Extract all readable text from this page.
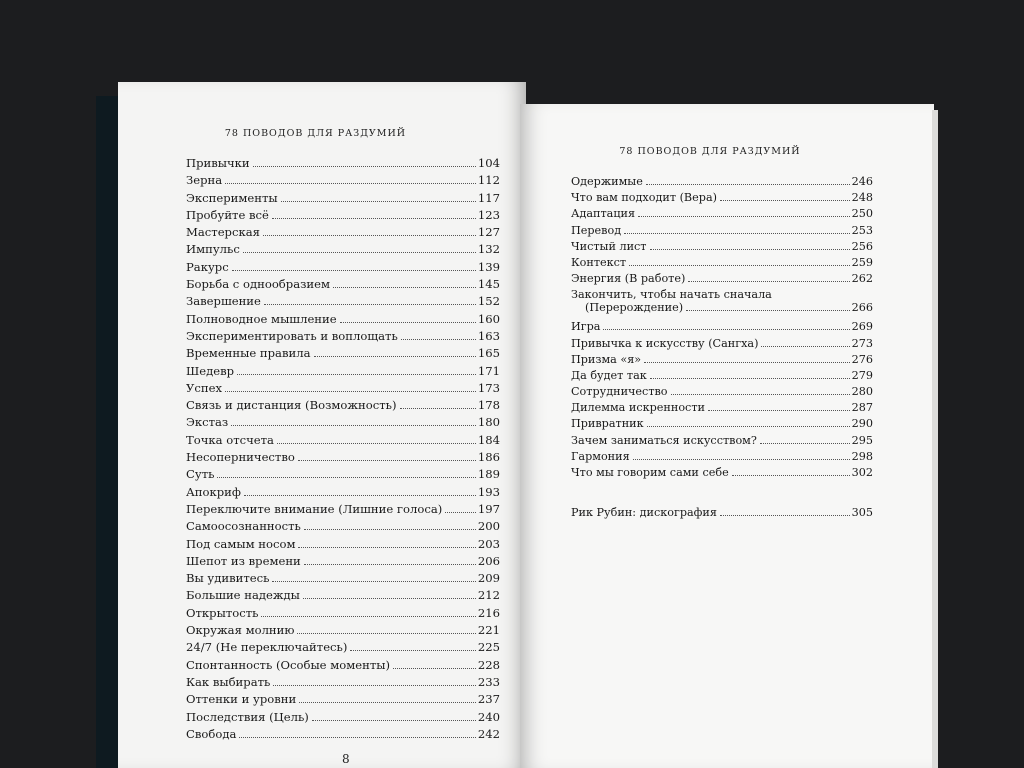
78 ПОВОДОВ ДЛЯ РАЗДУМИЙ
78 ПОВОДОВ ДЛЯ РАЗДУМИЙ
Привычки	104
Зерна	112
Эксперименты	117
Пробуйте всё	123
Мастерская	127
Импульс	132
Ракурс	139
Борьба с однообразием	145
Завершение	152
Полноводное мышление	160
Экспериментировать и воплощать	163
Временные правила	165
Шедевр	171
Успех	173
Связь и дистанция (Возможность)	178
Экстаз	180
Точка отсчета	184
Несоперничество	186
Суть	189
Апокриф	193
Переключите внимание (Лишние голоса)	197
Самоосознанность	200
Под самым носом	203
Шепот из времени	206
Вы удивитесь	209
Большие надежды	212
Открытость	216
Окружая молнию	221
24/7 (Не переключайтесь)	225
Спонтанность (Особые моменты)	228
Как выбирать	233
Оттенки и уровни	237
Последствия (Цель)	240
Свобода	242
Одержимые	246
Что вам подходит (Вера)	248
Адаптация	250
Перевод	253
Чистый лист	256
Контекст	259
Энергия (В работе)	262
Закончить, чтобы начать сначала
(Перерождение)	266
Игра	269
Привычка к искусству (Сангха)	273
Призма «я»	276
Да будет так	279
Сотрудничество	280
Дилемма искренности	287
Привратник	290
Зачем заниматься искусством?	295
Гармония	298
Что мы говорим сами себе	302
Рик Рубин: дискография	305
8
